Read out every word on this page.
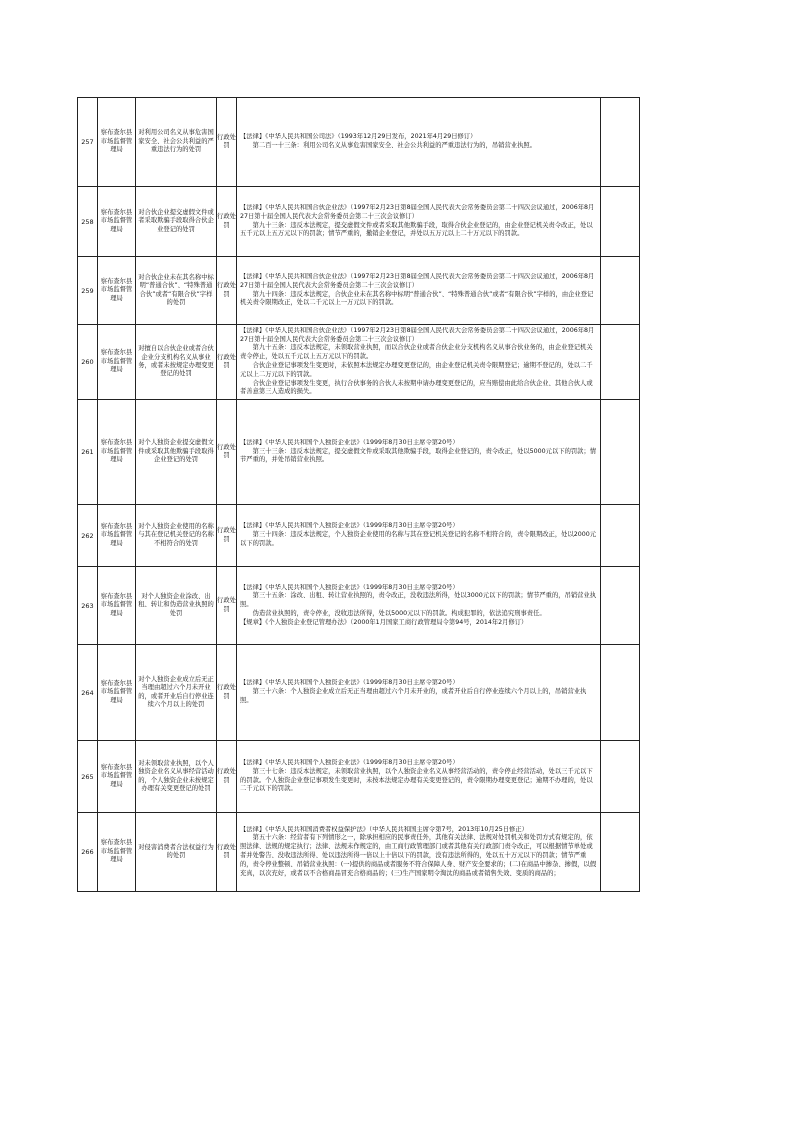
257	察布查尔县市场监督管理局	对利用公司名义从事危害国家安全、社会公共利益的严重违法行为的处罚	行政处罚	【法律】《中华人民共和国公司法》（1993年12月29日发布，2021年4月29日修订）

第二百一十三条：利用公司名义从事危害国家安全、社会公共利益的严重违法行为的，吊销营业执照。	

258	察布查尔县市场监督管理局	对合伙企业提交虚假文件或者采取欺骗手段取得合伙企业登记的处罚	行政处罚	【法律】《中华人民共和国合伙企业法》（1997年2月23日第8届全国人民代表大会常务委员会第二十四次会议通过，2006年8月27日第十届全国人民代表大会常务委员会第二十三次会议修订）

第九十三条：违反本法规定，提交虚假文件或者采取其他欺骗手段，取得合伙企业登记的，由企业登记机关责令改正，处以五千元以上五万元以下的罚款；情节严重的，撤销企业登记，并处以五万元以上二十万元以下的罚款。	

259	察布查尔县市场监督管理局	对合伙企业未在其名称中标明“普通合伙”、“特殊普通合伙”或者“有限合伙”字样的处罚	行政处罚	【法律】《中华人民共和国合伙企业法》（1997年2月23日第8届全国人民代表大会常务委员会第二十四次会议通过，2006年8月27日第十届全国人民代表大会常务委员会第二十三次会议修订）

第九十四条：违反本法规定，合伙企业未在其名称中标明“普通合伙”、“特殊普通合伙”或者“有限合伙”字样的，由企业登记机关责令限期改正，处以二千元以上一万元以下的罚款。	

260	察布查尔县市场监督管理局	对擅自以合伙企业或者合伙企业分支机构名义从事业务，或者未按规定办理变更登记的处罚	行政处罚	【法律】《中华人民共和国合伙企业法》（1997年2月23日第8届全国人民代表大会常务委员会第二十四次会议通过，2006年8月27日第十届全国人民代表大会常务委员会第二十三次会议修订）

第九十五条：违反本法规定，未领取营业执照，而以合伙企业或者合伙企业分支机构名义从事合伙业务的，由企业登记机关责令停止，处以五千元以上五万元以下的罚款。

合伙企业登记事项发生变更时，未依照本法规定办理变更登记的，由企业登记机关责令限期登记；逾期不登记的，处以二千元以上二万元以下的罚款。

合伙企业登记事项发生变更，执行合伙事务的合伙人未按期申请办理变更登记的，应当赔偿由此给合伙企业、其他合伙人或者善意第三人造成的损失。	

261	察布查尔县市场监督管理局	对个人独资企业提交虚假文件或采取其他欺骗手段取得企业登记的处罚	行政处罚	【法律】《中华人民共和国个人独资企业法》（1999年8月30日主席令第20号）

第三十三条：违反本法规定，提交虚假文件或采取其他欺骗手段，取得企业登记的，责令改正，处以5000元以下的罚款；情节严重的，并处吊销营业执照。	

262	察布查尔县市场监督管理局	对个人独资企业使用的名称与其在登记机关登记的名称不相符合的处罚	行政处罚	【法律】《中华人民共和国个人独资企业法》（1999年8月30日主席令第20号）

第三十四条：违反本法规定，个人独资企业使用的名称与其在登记机关登记的名称不相符合的，责令限期改正，处以2000元以下的罚款。	

263	察布查尔县市场监督管理局	对个人独资企业涂改、出租、转让和伪造营业执照的处罚	行政处罚	【法律】《中华人民共和国个人独资企业法》（1999年8月30日主席令第20号）

第三十五条：涂改、出租、转让营业执照的，责令改正，没收违法所得，处以3000元以下的罚款；情节严重的，吊销营业执照。

伪造营业执照的，责令停业，没收违法所得，处以5000元以下的罚款。构成犯罪的，依法追究刑事责任。

【规章】《个人独资企业登记管理办法》（2000年1月国家工商行政管理局令第94号，2014年2月修订）	

264	察布查尔县市场监督管理局	对个人独资企业成立后无正当理由超过六个月未开业的，或者开业后自行停业连续六个月以上的处罚	行政处罚	【法律】《中华人民共和国个人独资企业法》（1999年8月30日主席令第20号）

第三十六条：个人独资企业成立后无正当理由超过六个月未开业的，或者开业后自行停业连续六个月以上的，吊销营业执照。	

265	察布查尔县市场监督管理局	对未领取营业执照，以个人独资企业名义从事经营活动的，个人独资企业未按规定办理有关变更登记的处罚	行政处罚	【法律】《中华人民共和国个人独资企业法》（1999年8月30日主席令第20号）

第三十七条：违反本法规定，未领取营业执照，以个人独资企业名义从事经营活动的，责令停止经营活动，处以三千元以下的罚款。个人独资企业登记事项发生变更时，未按本法规定办理有关变更登记的，责令限期办理变更登记；逾期不办理的，处以二千元以下的罚款。	

266	察布查尔县市场监督管理局	对侵害消费者合法权益行为的处罚	行政处罚	【法律】《中华人民共和国消费者权益保护法》（中华人民共和国主席令第7号，2013年10月25日修正）

第五十六条：经营者有下列情形之一，除承担相应的民事责任外，其他有关法律、法规对处罚机关和处罚方式有规定的，依照法律、法规的规定执行；法律、法规未作规定的，由工商行政管理部门或者其他有关行政部门责令改正，可以根据情节单处或者并处警告、没收违法所得、处以违法所得一倍以上十倍以下的罚款，没有违法所得的，处以五十万元以下的罚款；情节严重的，责令停业整顿、吊销营业执照：(一)提供的商品或者服务不符合保障人身、财产安全要求的；(二)在商品中掺杂、掺假，以假充真，以次充好，或者以不合格商品冒充合格商品的；(三)生产国家明令淘汰的商品或者销售失效、变质的商品的；	
